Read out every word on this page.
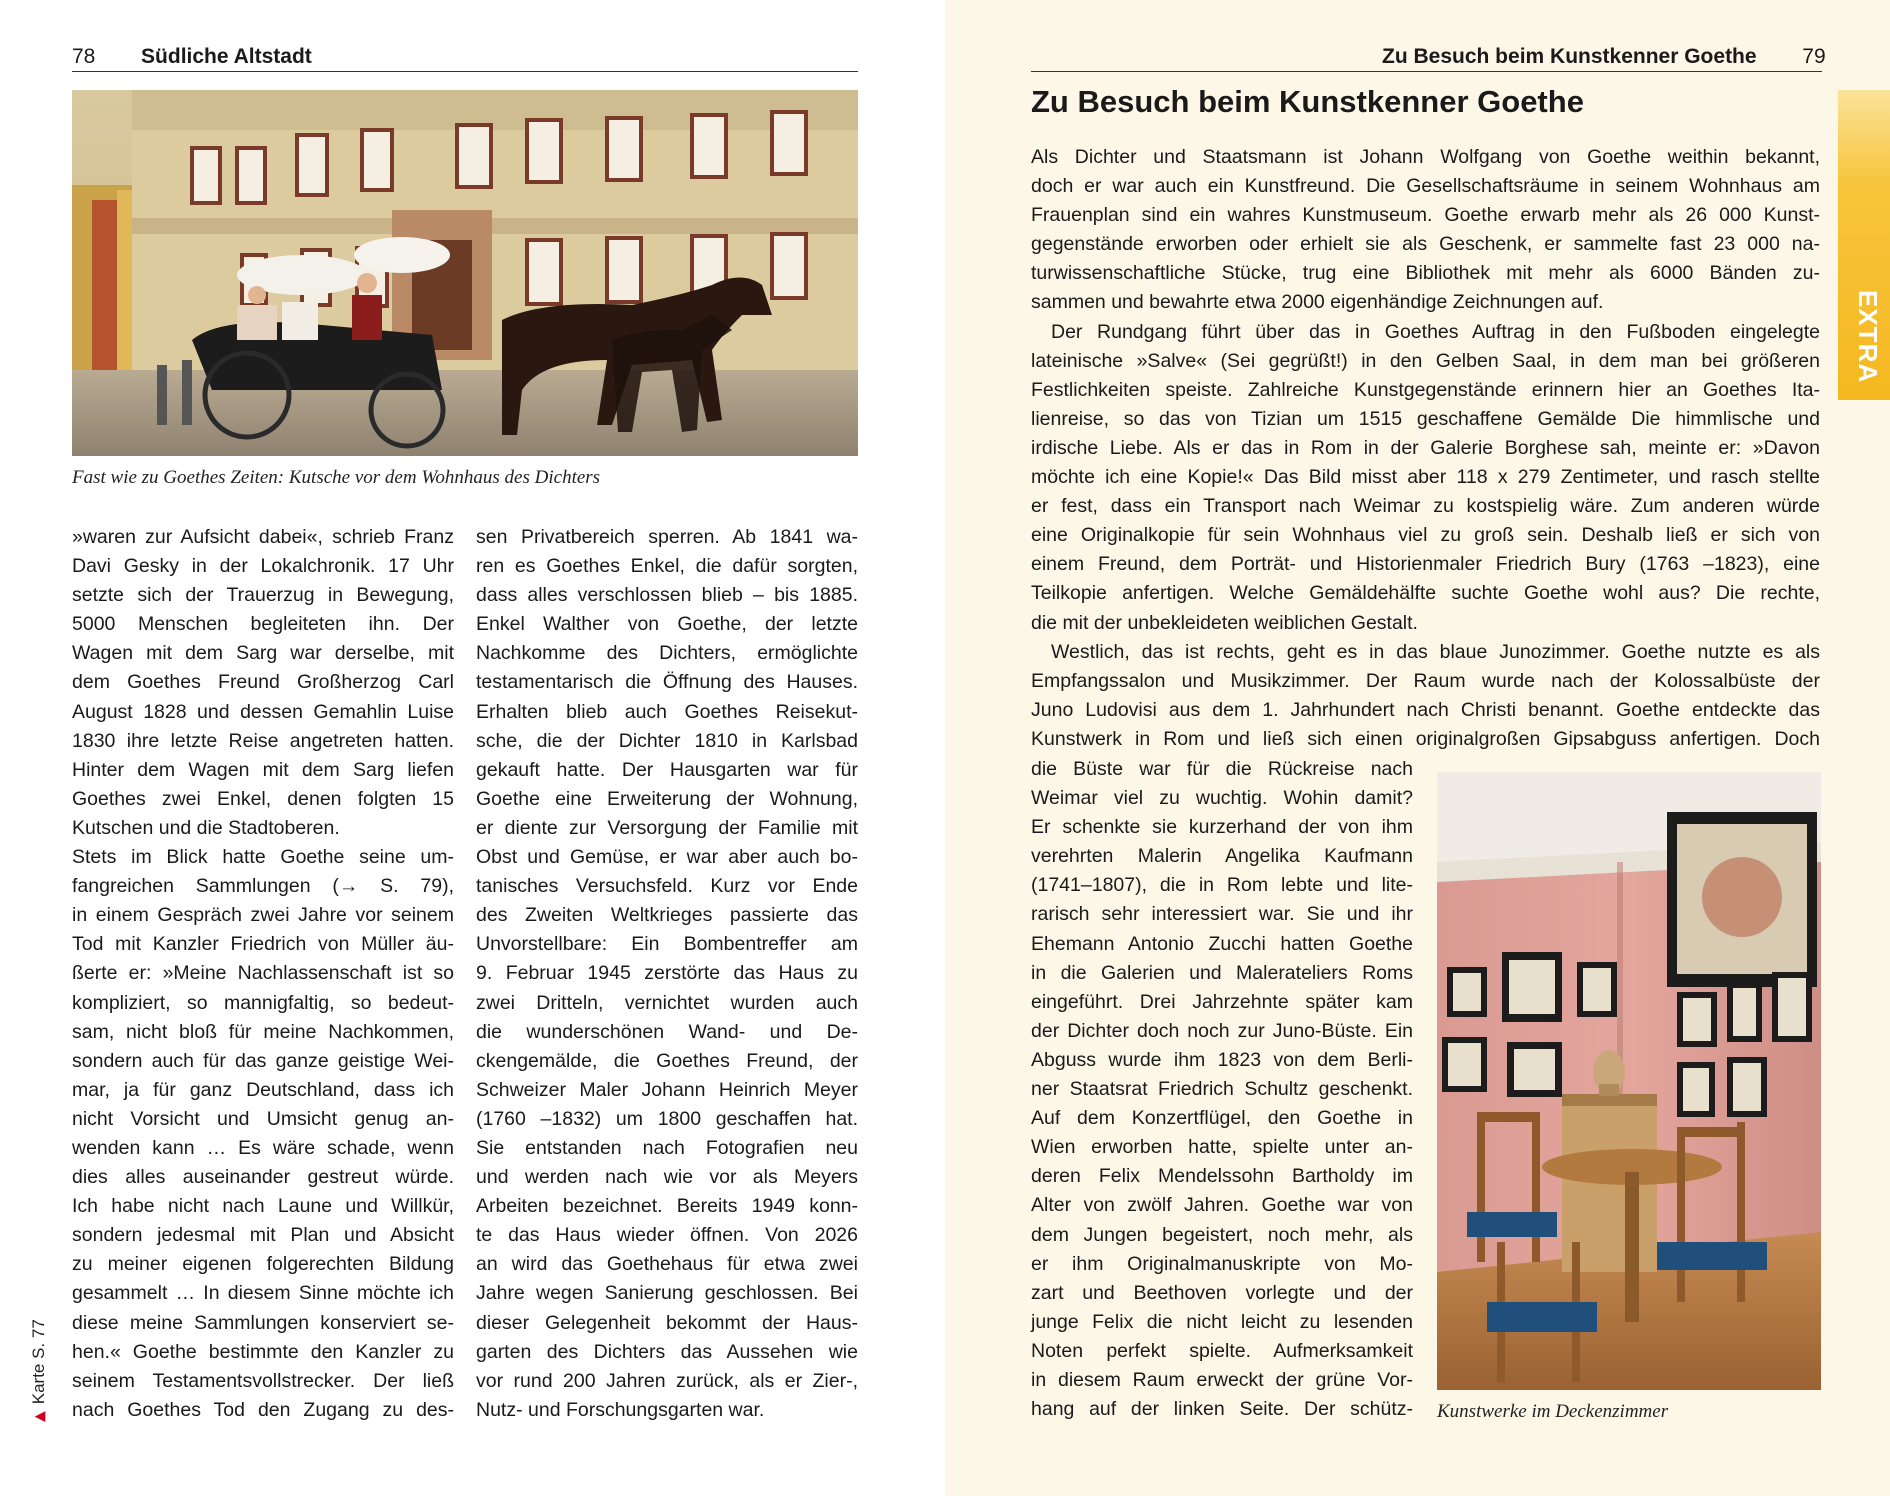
78 Südliche Altstadt
Fast wie zu Goethes Zeiten: Kutsche vor dem Wohnhaus des Dichters
»waren zur Aufsicht dabei«, schrieb Franz
Davi Gesky in der Lokalchronik. 17 Uhr
setzte sich der Trauerzug in Bewegung,
5000 Menschen begleiteten ihn. Der
Wagen mit dem Sarg war derselbe, mit
dem Goethes Freund Großherzog Carl
August 1828 und dessen Gemahlin Luise
1830 ihre letzte Reise angetreten hatten.
Hinter dem Wagen mit dem Sarg liefen
Goethes zwei Enkel, denen folgten 15
Kutschen und die Stadtoberen.
Stets im Blick hatte Goethe seine um-
fangreichen Sammlungen (→ S. 79),
in einem Gespräch zwei Jahre vor seinem
Tod mit Kanzler Friedrich von Müller äu-
ßerte er: »Meine Nachlassenschaft ist so
kompliziert, so mannigfaltig, so bedeut-
sam, nicht bloß für meine Nachkommen,
sondern auch für das ganze geistige Wei-
mar, ja für ganz Deutschland, dass ich
nicht Vorsicht und Umsicht genug an-
wenden kann … Es wäre schade, wenn
dies alles auseinander gestreut würde.
Ich habe nicht nach Laune und Willkür,
sondern jedesmal mit Plan und Absicht
zu meiner eigenen folgerechten Bildung
gesammelt … In diesem Sinne möchte ich
diese meine Sammlungen konserviert se-
hen.« Goethe bestimmte den Kanzler zu
seinem Testamentsvollstrecker. Der ließ
nach Goethes Tod den Zugang zu des-
sen Privatbereich sperren. Ab 1841 wa-
ren es Goethes Enkel, die dafür sorgten,
dass alles verschlossen blieb – bis 1885.
Enkel Walther von Goethe, der letzte
Nachkomme des Dichters, ermöglichte
testamentarisch die Öffnung des Hauses.
Erhalten blieb auch Goethes Reisekut-
sche, die der Dichter 1810 in Karlsbad
gekauft hatte. Der Hausgarten war für
Goethe eine Erweiterung der Wohnung,
er diente zur Versorgung der Familie mit
Obst und Gemüse, er war aber auch bo-
tanisches Versuchsfeld. Kurz vor Ende
des Zweiten Weltkrieges passierte das
Unvorstellbare: Ein Bombentreffer am
9. Februar 1945 zerstörte das Haus zu
zwei Dritteln, vernichtet wurden auch
die wunderschönen Wand- und De-
ckengemälde, die Goethes Freund, der
Schweizer Maler Johann Heinrich Meyer
(1760 –1832) um 1800 geschaffen hat.
Sie entstanden nach Fotografien neu
und werden nach wie vor als Meyers
Arbeiten bezeichnet. Bereits 1949 konn-
te das Haus wieder öffnen. Von 2026
an wird das Goethehaus für etwa zwei
Jahre wegen Sanierung geschlossen. Bei
dieser Gelegenheit bekommt der Haus-
garten des Dichters das Aussehen wie
vor rund 200 Jahren zurück, als er Zier-,
Nutz- und Forschungsgarten war.
▶ Karte S. 77
Zu Besuch beim Kunstkenner Goethe 79
Zu Besuch beim Kunstkenner Goethe
EXTRA
Als Dichter und Staatsmann ist Johann Wolfgang von Goethe weithin bekannt,
doch er war auch ein Kunstfreund. Die Gesellschaftsräume in seinem Wohnhaus am
Frauenplan sind ein wahres Kunstmuseum. Goethe erwarb mehr als 26 000 Kunst-
gegenstände erworben oder erhielt sie als Geschenk, er sammelte fast 23 000 na-
turwissenschaftliche Stücke, trug eine Bibliothek mit mehr als 6000 Bänden zu-
sammen und bewahrte etwa 2000 eigenhändige Zeichnungen auf.
Der Rundgang führt über das in Goethes Auftrag in den Fußboden eingelegte
lateinische »Salve« (Sei gegrüßt!) in den Gelben Saal, in dem man bei größeren
Festlichkeiten speiste. Zahlreiche Kunstgegenstände erinnern hier an Goethes Ita-
lienreise, so das von Tizian um 1515 geschaffene Gemälde Die himmlische und
irdische Liebe. Als er das in Rom in der Galerie Borghese sah, meinte er: »Davon
möchte ich eine Kopie!« Das Bild misst aber 118 x 279 Zentimeter, und rasch stellte
er fest, dass ein Transport nach Weimar zu kostspielig wäre. Zum anderen würde
eine Originalkopie für sein Wohnhaus viel zu groß sein. Deshalb ließ er sich von
einem Freund, dem Porträt- und Historienmaler Friedrich Bury (1763 –1823), eine
Teilkopie anfertigen. Welche Gemäldehälfte suchte Goethe wohl aus? Die rechte,
die mit der unbekleideten weiblichen Gestalt.
Westlich, das ist rechts, geht es in das blaue Junozimmer. Goethe nutzte es als
Empfangssalon und Musikzimmer. Der Raum wurde nach der Kolossalbüste der
Juno Ludovisi aus dem 1. Jahrhundert nach Christi benannt. Goethe entdeckte das
Kunstwerk in Rom und ließ sich einen originalgroßen Gipsabguss anfertigen. Doch
die Büste war für die Rückreise nach
Weimar viel zu wuchtig. Wohin damit?
Er schenkte sie kurzerhand der von ihm
verehrten Malerin Angelika Kaufmann
(1741–1807), die in Rom lebte und lite-
rarisch sehr interessiert war. Sie und ihr
Ehemann Antonio Zucchi hatten Goethe
in die Galerien und Malerateliers Roms
eingeführt. Drei Jahrzehnte später kam
der Dichter doch noch zur Juno-Büste. Ein
Abguss wurde ihm 1823 von dem Berli-
ner Staatsrat Friedrich Schultz geschenkt.
Auf dem Konzertflügel, den Goethe in
Wien erworben hatte, spielte unter an-
deren Felix Mendelssohn Bartholdy im
Alter von zwölf Jahren. Goethe war von
dem Jungen begeistert, noch mehr, als
er ihm Originalmanuskripte von Mo-
zart und Beethoven vorlegte und der
junge Felix die nicht leicht zu lesenden
Noten perfekt spielte. Aufmerksamkeit
in diesem Raum erweckt der grüne Vor-
hang auf der linken Seite. Der schütz- Kunstwerke im Deckenzimmer
